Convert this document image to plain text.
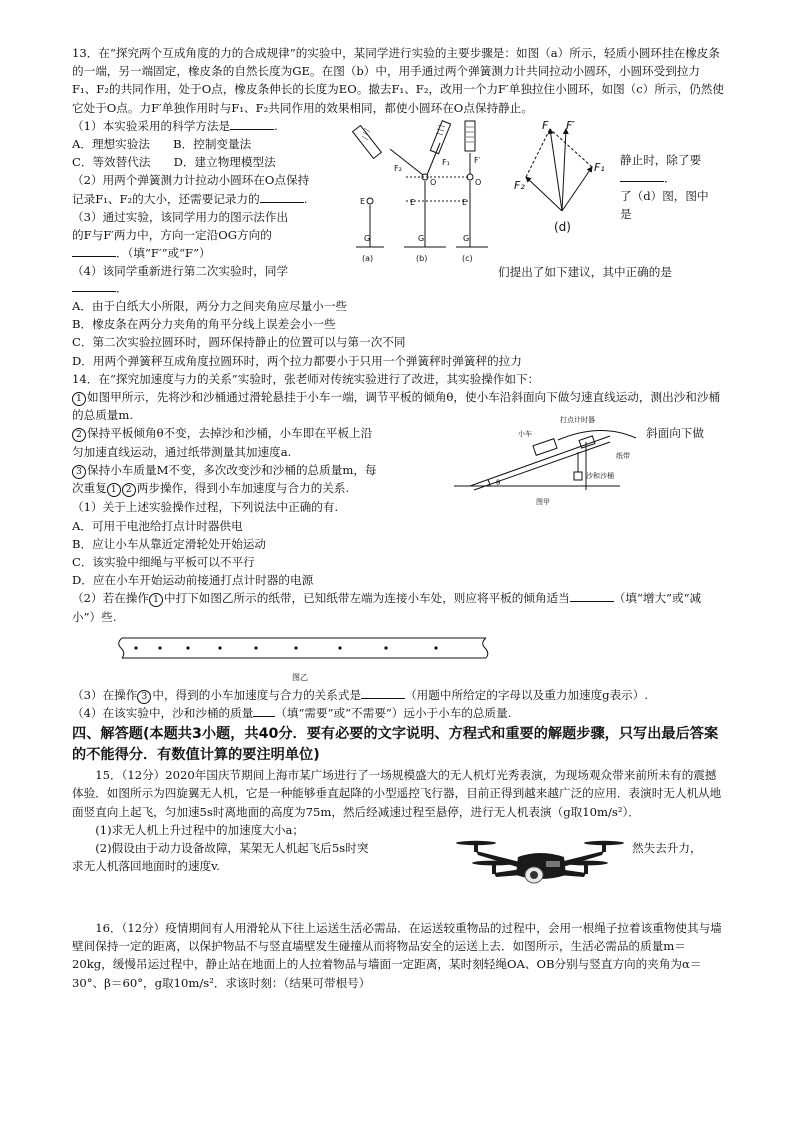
13．在“探究两个互成角度的力的合成规律”的实验中，某同学进行实验的主要步骤是：如图（a）所示，轻质小圆环挂在橡皮条的一端，另一端固定，橡皮条的自然长度为GE。在图（b）中，用手通过两个弹簧测力计共同拉动小圆环，小圆环受到拉力F₁、F₂的共同作用，处于O点，橡皮条伸长的长度为EO。撤去F₁、F₂，改用一个力F′单独拉住小圆环，如图（c）所示，仍然使它处于O点。力F′单独作用时与F₁、F₂共同作用的效果相同，都使小圆环在O点保持静止。

（1）本实验采用的科学方法是	.

A．理想实验法　　B．控制变量法

C．等效替代法　　D．建立物理模型法

（2）用两个弹簧测力计拉动小圆环在O点保持

记录F₁、F₂的大小，还需要记录力的	.

（3）通过实验，该同学用力的图示法作出

的F与F′两力中，方向一定沿OG方向的

．（填“F′”或“F”）

（4）该同学重新进行第二次实验时，同学

E
G
E
G
O
F₂
F₁
E
G
O
F′
(a)	(b)	(c)
F F′
F₁
F₂
(d)

静止时，除了要

．

了（d）图，图中

是

们提出了如下建议，其中正确的是

．

A．由于白纸大小所限，两分力之间夹角应尽量小一些

B．橡皮条在两分力夹角的角平分线上误差会小一些

C．第二次实验拉圆环时，圆环保持静止的位置可以与第一次不同

D．用两个弹簧秤互成角度拉圆环时，两个拉力都要小于只用一个弹簧秤时弹簧秤的拉力

14．在“探究加速度与力的关系”实验时，张老师对传统实验进行了改进，其实验操作如下：

1 如图甲所示，先将沙和沙桶通过滑轮悬挂于小车一端，调节平板的倾角θ，使小车沿斜面向下做匀速直线运动，测出沙和沙桶的总质量m.

2 保持平板倾角θ不变，去掉沙和沙桶，小车即在平板上沿

匀加速直线运动，通过纸带测量其加速度a.

3 保持小车质量M不变，多次改变沙和沙桶的总质量m，每

次重复 1 2 两步操作，得到小车加速度与合力的关系.

打点计时器
小车
纸带
沙和沙桶
θ
图甲

斜面向下做

（1）关于上述实验操作过程，下列说法中正确的有.

A．可用干电池给打点计时器供电

B．应让小车从靠近定滑轮处开始运动

C．该实验中细绳与平板可以不平行

D．应在小车开始运动前接通打点计时器的电源

（2）若在操作 1 中打下如图乙所示的纸带，已知纸带左端为连接小车处，则应将平板的倾角适当	（填“增大”或“减小”）些.

图乙

（3）在操作 3 中，得到的小车加速度与合力的关系式是	（用题中所给定的字母以及重力加速度g表示）.

（4）在该实验中，沙和沙桶的质量 （填“需要”或“不需要”）远小于小车的总质量.

四、解答题(本题共3小题，共40分．要有必要的文字说明、方程式和重要的解题步骤，只写出最后答案的不能得分．有数值计算的要注明单位)

15．（12分）2020年国庆节期间上海市某广场进行了一场规模盛大的无人机灯光秀表演，为现场观众带来前所未有的震撼体验．如图所示为四旋翼无人机，它是一种能够垂直起降的小型遥控飞行器，目前正得到越来越广泛的应用．表演时无人机从地面竖直向上起飞，匀加速5s时离地面的高度为75m，然后经减速过程至悬停，进行无人机表演（g取10m/s²）．

(1)求无人机上升过程中的加速度大小a；

(2)假设由于动力设备故障，某架无人机起飞后5s时突

求无人机落回地面时的速度v.

然失去升力，

16．（12分）疫情期间有人用滑轮从下往上运送生活必需品．在运送较重物品的过程中，会用一根绳子拉着该重物使其与墙壁间保持一定的距离，以保护物品不与竖直墙壁发生碰撞从而将物品安全的运送上去．如图所示，生活必需品的质量m＝20kg，缓慢吊运过程中，静止站在地面上的人拉着物品与墙面一定距离，某时刻轻绳OA、OB分别与竖直方向的夹角为α＝30°、β＝60°，g取10m/s²．求该时刻：（结果可带根号）
